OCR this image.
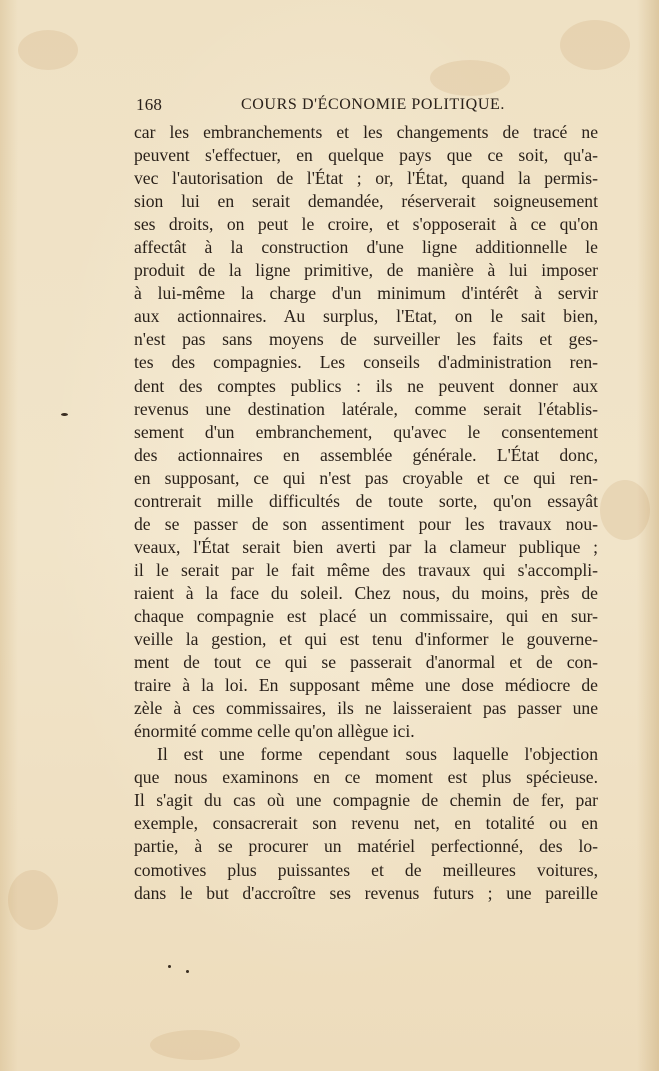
168	COURS D'ÉCONOMIE POLITIQUE.
car les embranchements et les changements de tracé ne
peuvent s'effectuer, en quelque pays que ce soit, qu'a-
vec l'autorisation de l'État ; or, l'État, quand la permis-
sion lui en serait demandée, réserverait soigneusement
ses droits, on peut le croire, et s'opposerait à ce qu'on
affectât à la construction d'une ligne additionnelle le
produit de la ligne primitive, de manière à lui imposer
à lui-même la charge d'un minimum d'intérêt à servir
aux actionnaires. Au surplus, l'Etat, on le sait bien,
n'est pas sans moyens de surveiller les faits et ges-
tes des compagnies. Les conseils d'administration ren-
dent des comptes publics : ils ne peuvent donner aux
revenus une destination latérale, comme serait l'établis-
sement d'un embranchement, qu'avec le consentement
des actionnaires en assemblée générale. L'État donc,
en supposant, ce qui n'est pas croyable et ce qui ren-
contrerait mille difficultés de toute sorte, qu'on essayât
de se passer de son assentiment pour les travaux nou-
veaux, l'État serait bien averti par la clameur publique ;
il le serait par le fait même des travaux qui s'accompli-
raient à la face du soleil. Chez nous, du moins, près de
chaque compagnie est placé un commissaire, qui en sur-
veille la gestion, et qui est tenu d'informer le gouverne-
ment de tout ce qui se passerait d'anormal et de con-
traire à la loi. En supposant même une dose médiocre de
zèle à ces commissaires, ils ne laisseraient pas passer une
énormité comme celle qu'on allègue ici.
Il est une forme cependant sous laquelle l'objection
que nous examinons en ce moment est plus spécieuse.
Il s'agit du cas où une compagnie de chemin de fer, par
exemple, consacrerait son revenu net, en totalité ou en
partie, à se procurer un matériel perfectionné, des lo-
comotives plus puissantes et de meilleures voitures,
dans le but d'accroître ses revenus futurs ; une pareille
